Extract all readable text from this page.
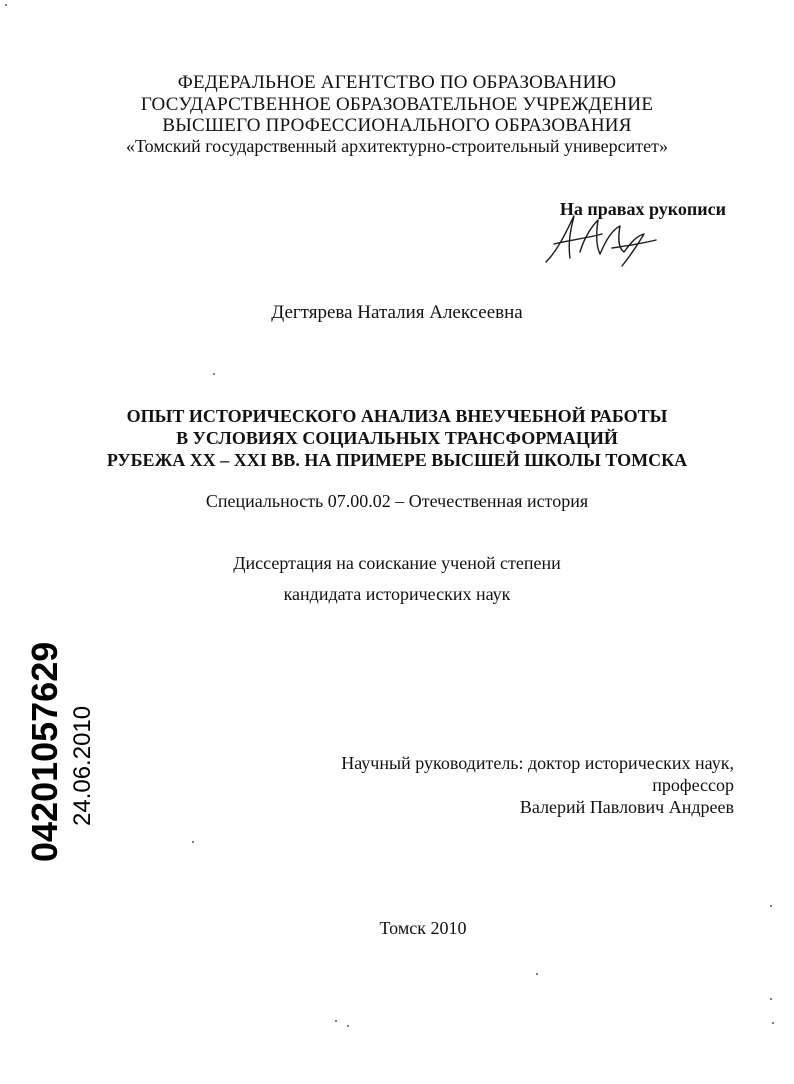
ФЕДЕРАЛЬНОЕ АГЕНТСТВО ПО ОБРАЗОВАНИЮ
ГОСУДАРСТВЕННОЕ ОБРАЗОВАТЕЛЬНОЕ УЧРЕЖДЕНИЕ
ВЫСШЕГО ПРОФЕССИОНАЛЬНОГО ОБРАЗОВАНИЯ
«Томский государственный архитектурно-строительный университет»
На правах рукописи
Дегтярева Наталия Алексеевна
ОПЫТ ИСТОРИЧЕСКОГО АНАЛИЗА ВНЕУЧЕБНОЙ РАБОТЫ
В УСЛОВИЯХ СОЦИАЛЬНЫХ ТРАНСФОРМАЦИЙ
РУБЕЖА XX – XXI ВВ. НА ПРИМЕРЕ ВЫСШЕЙ ШКОЛЫ ТОМСКА
Специальность 07.00.02 – Отечественная история
Диссертация на соискание ученой степени
кандидата исторических наук
Научный руководитель: доктор исторических наук,
профессор
Валерий Павлович Андреев
Томск 2010
04201057629 24.06.2010
